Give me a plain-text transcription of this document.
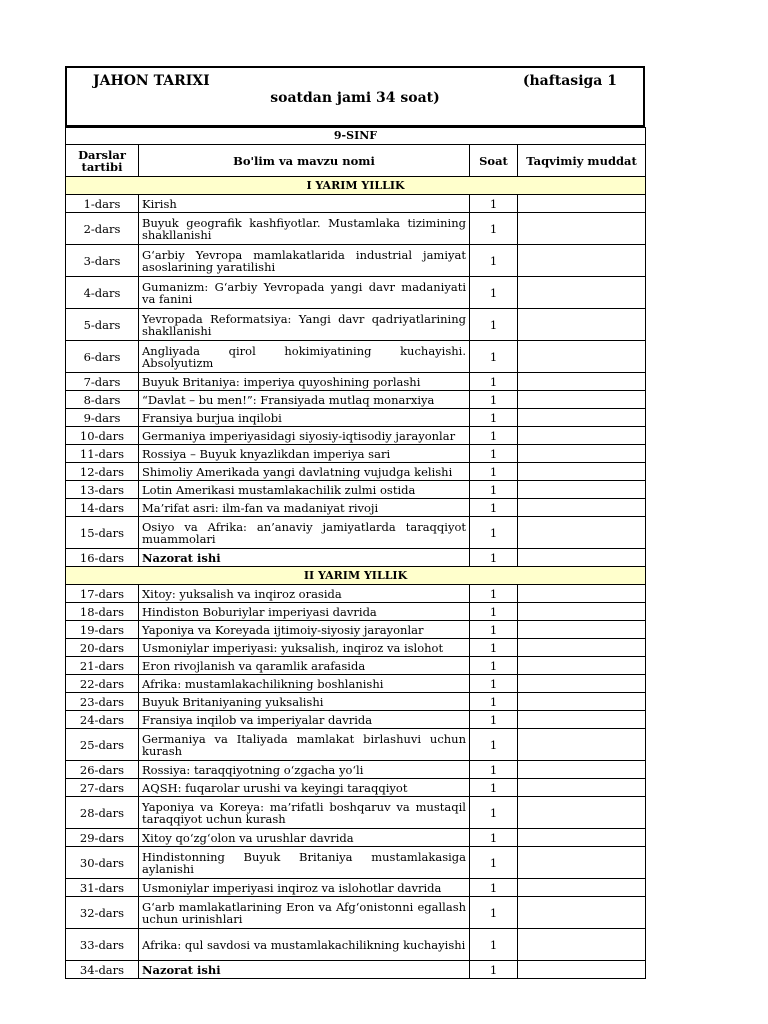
JAHON TARIXI	(haftasiga 1
soatdan jami 34 soat)
9-SINF			
Darslar tartibi	Bo'lim va mavzu nomi	Soat	Taqvimiy muddat
I YARIM YILLIK			
1-dars	Kirish	1	
2-dars	Buyuk geografik kashfiyotlar. Mustamlaka tizimining shakllanishi	1	
3-dars	G‘arbiy Yevropa mamlakatlarida industrial jamiyat asoslarining yaratilishi	1	
4-dars	Gumanizm: G‘arbiy Yevropada yangi davr madaniyati va fanini	1	
5-dars	Yevropada Reformatsiya: Yangi davr qadriyatlarining shakllanishi	1	
6-dars	Angliyada qirol hokimiyatining kuchayishi. Absolyutizm	1	
7-dars	Buyuk Britaniya: imperiya quyoshining porlashi	1	
8-dars	“Davlat – bu men!”: Fransiyada mutlaq monarxiya	1	
9-dars	Fransiya burjua inqilobi	1	
10-dars	Germaniya imperiyasidagi siyosiy-iqtisodiy jarayonlar	1	
11-dars	Rossiya – Buyuk knyazlikdan imperiya sari	1	
12-dars	Shimoliy Amerikada yangi davlatning vujudga kelishi	1	
13-dars	Lotin Amerikasi mustamlakachilik zulmi ostida	1	
14-dars	Ma’rifat asri: ilm-fan va madaniyat rivoji	1	
15-dars	Osiyo va Afrika: an’anaviy jamiyatlarda taraqqiyot muammolari	1	
16-dars	Nazorat ishi	1	
II YARIM YILLIK			
17-dars	Xitoy: yuksalish va inqiroz orasida	1	
18-dars	Hindiston Boburiylar imperiyasi davrida	1	
19-dars	Yaponiya va Koreyada ijtimoiy-siyosiy jarayonlar	1	
20-dars	Usmoniylar imperiyasi: yuksalish, inqiroz va islohot	1	
21-dars	Eron rivojlanish va qaramlik arafasida	1	
22-dars	Afrika: mustamlakachilikning boshlanishi	1	
23-dars	Buyuk Britaniyaning yuksalishi	1	
24-dars	Fransiya inqilob va imperiyalar davrida	1	
25-dars	Germaniya va Italiyada mamlakat birlashuvi uchun kurash	1	
26-dars	Rossiya: taraqqiyotning o‘zgacha yo‘li	1	
27-dars	AQSH: fuqarolar urushi va keyingi taraqqiyot	1	
28-dars	Yaponiya va Koreya: ma’rifatli boshqaruv va mustaqil taraqqiyot uchun kurash	1	
29-dars	Xitoy qo‘zg‘olon va urushlar davrida	1	
30-dars	Hindistonning Buyuk Britaniya mustamlakasiga aylanishi	1	
31-dars	Usmoniylar imperiyasi inqiroz va islohotlar davrida	1	
32-dars	G‘arb mamlakatlarining Eron va Afg‘onistonni egallash uchun urinishlari	1	
33-dars	Afrika: qul savdosi va mustamlakachilikning kuchayishi	1	
34-dars	Nazorat ishi	1	
